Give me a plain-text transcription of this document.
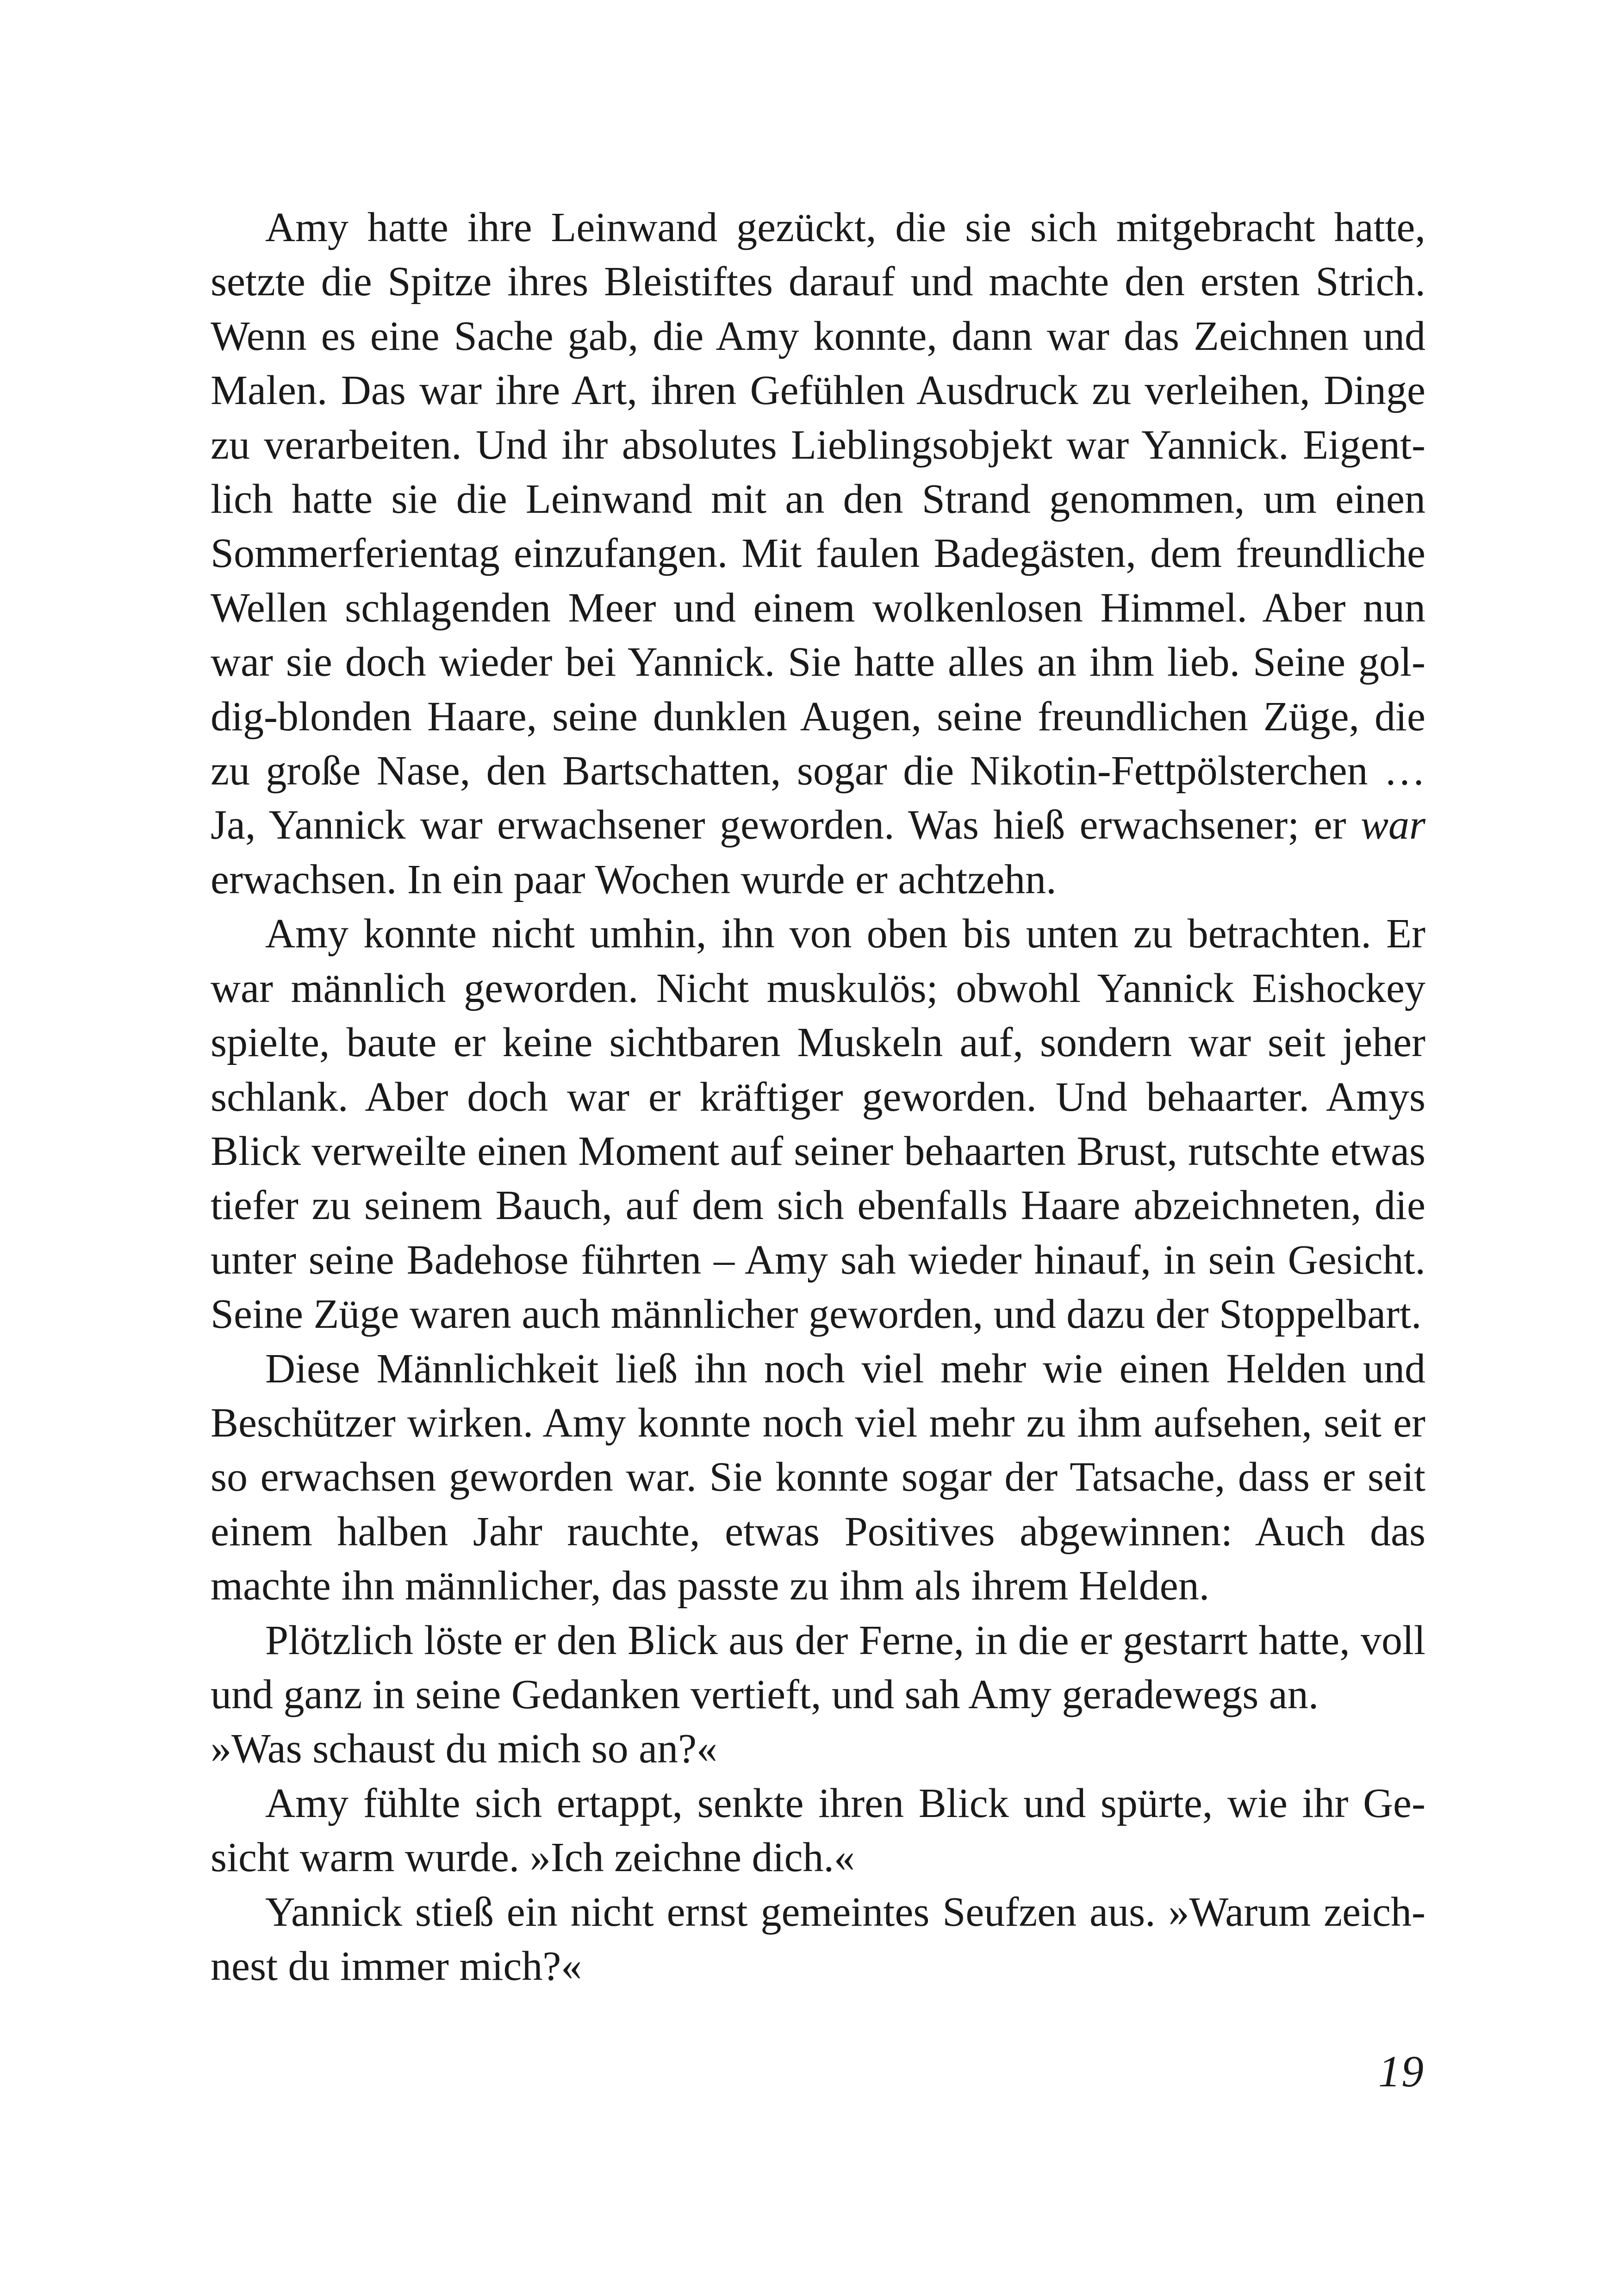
Amy hatte ihre Leinwand gezückt, die sie sich mitgebracht hatte, setzte die Spitze ihres Bleistiftes darauf und machte den ersten Strich. Wenn es eine Sache gab, die Amy konnte, dann war das Zeichnen und Malen. Das war ihre Art, ihren Gefühlen Ausdruck zu verleihen, Dinge zu verarbeiten. Und ihr absolutes Lieblingsobjekt war Yannick. Eigentlich hatte sie die Leinwand mit an den Strand genommen, um einen Sommerferientag einzufangen. Mit faulen Badegästen, dem freundliche Wellen schlagenden Meer und einem wolkenlosen Himmel. Aber nun war sie doch wieder bei Yannick. Sie hatte alles an ihm lieb. Seine goldig-blonden Haare, seine dunklen Augen, seine freundlichen Züge, die zu große Nase, den Bartschatten, sogar die Nikotin-Fettpölsterchen … Ja, Yannick war erwachsener geworden. Was hieß erwachsener; er war erwachsen. In ein paar Wochen wurde er achtzehn.

Amy konnte nicht umhin, ihn von oben bis unten zu betrachten. Er war männlich geworden. Nicht muskulös; obwohl Yannick Eishockey spielte, baute er keine sichtbaren Muskeln auf, sondern war seit jeher schlank. Aber doch war er kräftiger geworden. Und behaarter. Amys Blick verweilte einen Moment auf seiner behaarten Brust, rutschte etwas tiefer zu seinem Bauch, auf dem sich ebenfalls Haare abzeichneten, die unter seine Badehose führten – Amy sah wieder hinauf, in sein Gesicht. Seine Züge waren auch männlicher geworden, und dazu der Stoppelbart.

Diese Männlichkeit ließ ihn noch viel mehr wie einen Helden und Beschützer wirken. Amy konnte noch viel mehr zu ihm aufsehen, seit er so erwachsen geworden war. Sie konnte sogar der Tatsache, dass er seit einem halben Jahr rauchte, etwas Positives abgewinnen: Auch das machte ihn männlicher, das passte zu ihm als ihrem Helden.

Plötzlich löste er den Blick aus der Ferne, in die er gestarrt hatte, voll und ganz in seine Gedanken vertieft, und sah Amy geradewegs an.

»Was schaust du mich so an?«

Amy fühlte sich ertappt, senkte ihren Blick und spürte, wie ihr Gesicht warm wurde. »Ich zeichne dich.«

Yannick stieß ein nicht ernst gemeintes Seufzen aus. »Warum zeichnest du immer mich?«

19
